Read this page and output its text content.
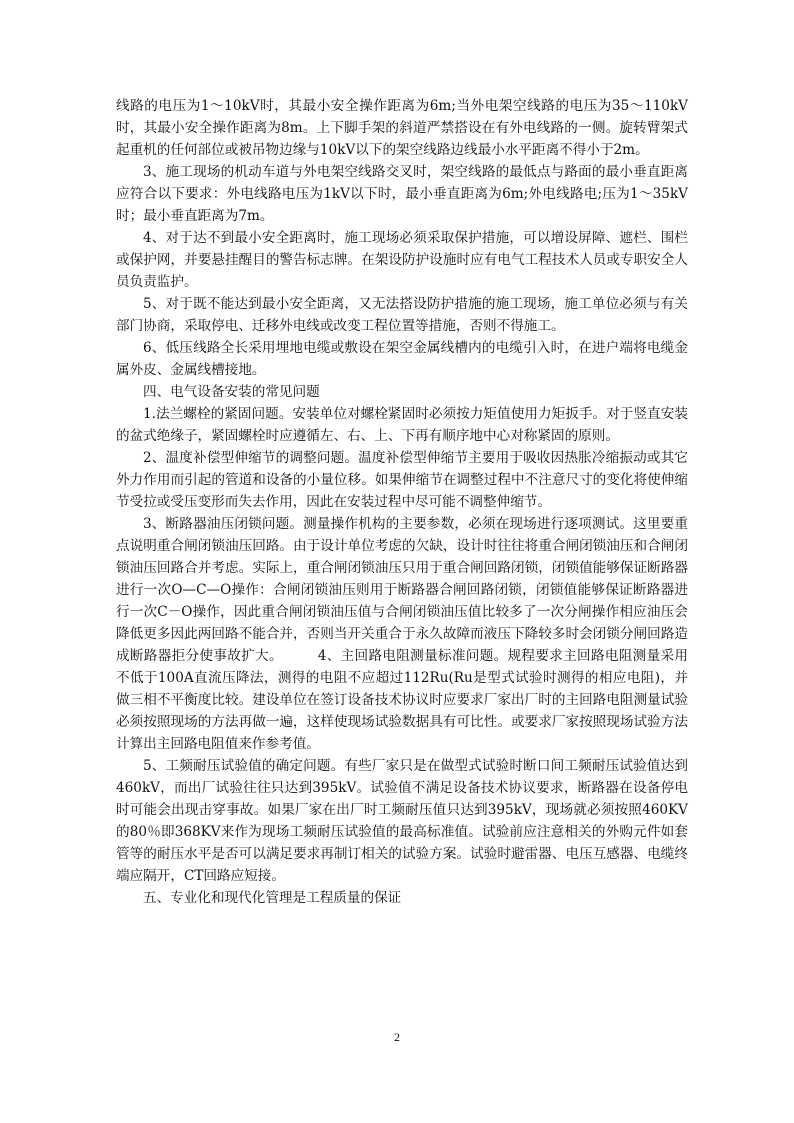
线路的电压为1～10kV时，其最小安全操作距离为6m;当外电架空线路的电压为35～110kV时，其最小安全操作距离为8m。上下脚手架的斜道严禁搭设在有外电线路的一侧。旋转臂架式起重机的任何部位或被吊物边缘与10kV以下的架空线路边线最小水平距离不得小于2m。

3、施工现场的机动车道与外电架空线路交叉时，架空线路的最低点与路面的最小垂直距离应符合以下要求：外电线路电压为1kV以下时，最小垂直距离为6m;外电线路电;压为1～35kV时；最小垂直距离为7m。

4、对于达不到最小安全距离时，施工现场必须采取保护措施，可以增设屏障、遮栏、围栏或保护网，并要悬挂醒目的警告标志牌。在架设防护设施时应有电气工程技术人员或专职安全人员负责监护。

5、对于既不能达到最小安全距离，又无法搭设防护措施的施工现场，施工单位必须与有关部门协商，采取停电、迁移外电线或改变工程位置等措施，否则不得施工。

6、低压线路全长采用埋地电缆或敷设在架空金属线槽内的电缆引入时，在进户端将电缆金属外皮、金属线槽接地。

四、电气设备安装的常见问题

1.法兰螺栓的紧固问题。安装单位对螺栓紧固时必须按力矩值使用力矩扳手。对于竖直安装的盆式绝缘子，紧固螺栓时应遵循左、右、上、下再有顺序地中心对称紧固的原则。

2、温度补偿型伸缩节的调整问题。温度补偿型伸缩节主要用于吸收因热胀冷缩振动或其它外力作用而引起的管道和设备的小量位移。如果伸缩节在调整过程中不注意尺寸的变化将使伸缩节受拉或受压变形而失去作用，因此在安装过程中尽可能不调整伸缩节。

3、断路器油压闭锁问题。测量操作机构的主要参数，必须在现场进行逐项测试。这里要重点说明重合闸闭锁油压回路。由于设计单位考虑的欠缺，设计时往往将重合闸闭锁油压和合闸闭锁油压回路合并考虑。实际上，重合闸闭锁油压只用于重合闸回路闭锁，闭锁值能够保证断路器进行一次O—C—O操作：合闸闭锁油压则用于断路器合闸回路闭锁，闭锁值能够保证断路器进行一次C－O操作，因此重合闸闭锁油压值与合闸闭锁油压值比较多了一次分闸操作相应油压会降低更多因此两回路不能合并，否则当开关重合于永久故障而液压下降较多时会闭锁分闸回路造成断路器拒分使事故扩大。　　　4、主回路电阻测量标准问题。规程要求主回路电阻测量采用不低于100A直流压降法，测得的电阻不应超过112Ru(Ru是型式试验时测得的相应电阻)，并做三相不平衡度比较。建设单位在签订设备技术协议时应要求厂家出厂时的主回路电阻测量试验必须按照现场的方法再做一遍，这样使现场试验数据具有可比性。或要求厂家按照现场试验方法计算出主回路电阻值来作参考值。

5、工频耐压试验值的确定问题。有些厂家只是在做型式试验时断口间工频耐压试验值达到460kV，而出厂试验往往只达到395kV。试验值不满足设备技术协议要求，断路器在设备停电时可能会出现击穿事故。如果厂家在出厂时工频耐压值只达到395kV，现场就必须按照460KV的80％即368KV来作为现场工频耐压试验值的最高标准值。试验前应注意相关的外购元件如套管等的耐压水平是否可以满足要求再制订相关的试验方案。试验时避雷器、电压互感器、电缆终端应隔开，CT回路应短接。

五、专业化和现代化管理是工程质量的保证

2
